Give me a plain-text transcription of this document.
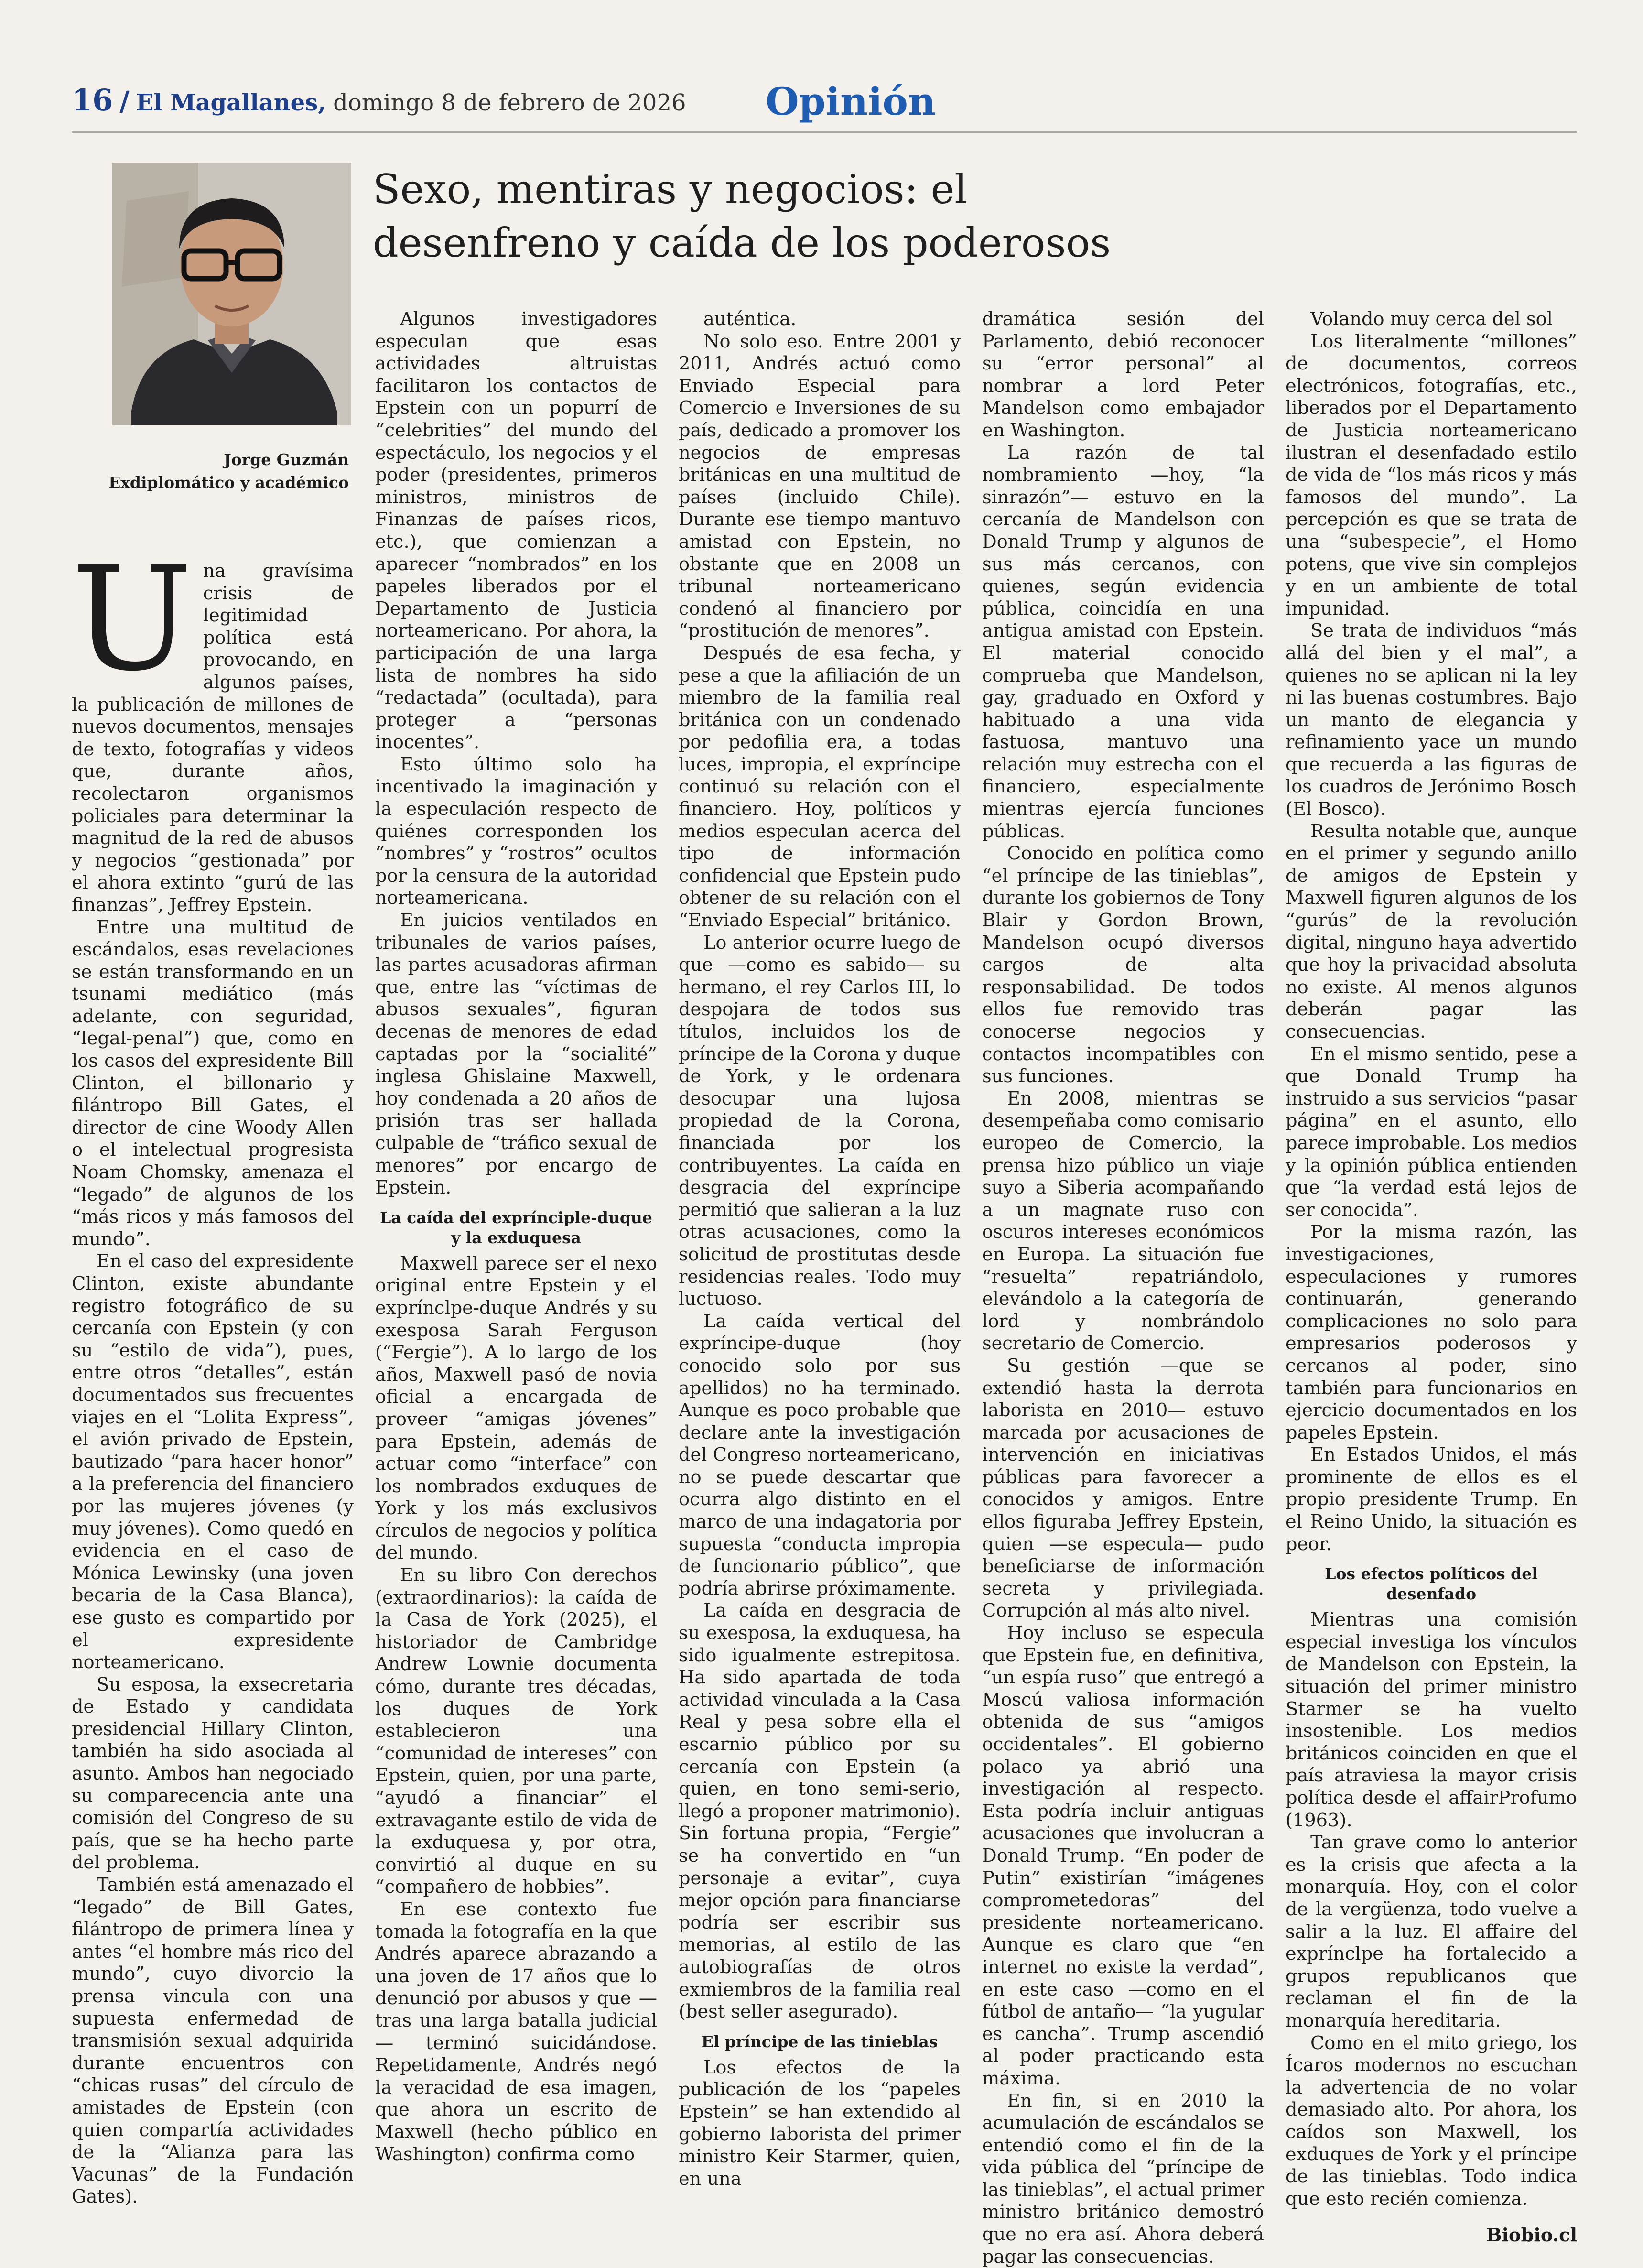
16 / El Magallanes, domingo 8 de febrero de 2026	Opinión
Jorge Guzmán
Exdiplomático y académico
Sexo, mentiras y negocios: el desenfreno y caída de los poderosos
U na gravísima crisis de legitimidad política está provocando, en algunos países, la publicación de millones de nuevos documentos, mensajes de texto, fotografías y videos que, durante años, recolectaron organismos policiales para determinar la magnitud de la red de abusos y negocios “gestionada” por el ahora extinto “gurú de las finanzas”, Jeffrey Epstein.

Entre una multitud de escándalos, esas revelaciones se están transformando en un tsunami mediático (más adelante, con seguridad, “legal-penal”) que, como en los casos del expresidente Bill Clinton, el billonario y filántropo Bill Gates, el director de cine Woody Allen o el intelectual progresista Noam Chomsky, amenaza el “legado” de algunos de los “más ricos y más famosos del mundo”.

En el caso del expresidente Clinton, existe abundante registro fotográfico de su cercanía con Epstein (y con su “estilo de vida”), pues, entre otros “detalles”, están documentados sus frecuentes viajes en el “Lolita Express”, el avión privado de Epstein, bautizado “para hacer honor” a la preferencia del financiero por las mujeres jóvenes (y muy jóvenes). Como quedó en evidencia en el caso de Mónica Lewinsky (una joven becaria de la Casa Blanca), ese gusto es compartido por el expresidente norteamericano.

Su esposa, la exsecretaria de Estado y candidata presidencial Hillary Clinton, también ha sido asociada al asunto. Ambos han negociado su comparecencia ante una comisión del Congreso de su país, que se ha hecho parte del problema.

También está amenazado el “legado” de Bill Gates, filántropo de primera línea y antes “el hombre más rico del mundo”, cuyo divorcio la prensa vincula con una supuesta enfermedad de transmisión sexual adquirida durante encuentros con “chicas rusas” del círculo de amistades de Epstein (con quien compartía actividades de la “Alianza para las Vacunas” de la Fundación Gates).

Algunos investigadores especulan que esas actividades altruistas facilitaron los contactos de Epstein con un popurrí de “celebrities” del mundo del espectáculo, los negocios y el poder (presidentes, primeros ministros, ministros de Finanzas de países ricos, etc.), que comienzan a aparecer “nombrados” en los papeles liberados por el Departamento de Justicia norteamericano. Por ahora, la participación de una larga lista de nombres ha sido “redactada” (ocultada), para proteger a “personas inocentes”.

Esto último solo ha incentivado la imaginación y la especulación respecto de quiénes corresponden los “nombres” y “rostros” ocultos por la censura de la autoridad norteamericana.

En juicios ventilados en tribunales de varios países, las partes acusadoras afirman que, entre las “víctimas de abusos sexuales”, figuran decenas de menores de edad captadas por la “socialité” inglesa Ghislaine Maxwell, hoy condenada a 20 años de prisión tras ser hallada culpable de “tráfico sexual de menores” por encargo de Epstein.

La caída del exprínciple-duque y la exduquesa

Maxwell parece ser el nexo original entre Epstein y el exprínclpe-duque Andrés y su exesposa Sarah Ferguson (“Fergie”). A lo largo de los años, Maxwell pasó de novia oficial a encargada de proveer “amigas jóvenes” para Epstein, además de actuar como “interface” con los nombrados exduques de York y los más exclusivos círculos de negocios y política del mundo.

En su libro Con derechos (extraordinarios): la caída de la Casa de York (2025), el historiador de Cambridge Andrew Lownie documenta cómo, durante tres décadas, los duques de York establecieron una “comunidad de intereses” con Epstein, quien, por una parte, “ayudó a financiar” el extravagante estilo de vida de la exduquesa y, por otra, convirtió al duque en su “compañero de hobbies”.

En ese contexto fue tomada la fotografía en la que Andrés aparece abrazando a una joven de 17 años que lo denunció por abusos y que —tras una larga batalla judicial— terminó suicidándose. Repetidamente, Andrés negó la veracidad de esa imagen, que ahora un escrito de Maxwell (hecho público en Washington) confirma como

auténtica.

No solo eso. Entre 2001 y 2011, Andrés actuó como Enviado Especial para Comercio e Inversiones de su país, dedicado a promover los negocios de empresas británicas en una multitud de países (incluido Chile). Durante ese tiempo mantuvo amistad con Epstein, no obstante que en 2008 un tribunal norteamericano condenó al financiero por “prostitución de menores”.

Después de esa fecha, y pese a que la afiliación de un miembro de la familia real británica con un condenado por pedofilia era, a todas luces, impropia, el expríncipe continuó su relación con el financiero. Hoy, políticos y medios especulan acerca del tipo de información confidencial que Epstein pudo obtener de su relación con el “Enviado Especial” británico.

Lo anterior ocurre luego de que —como es sabido— su hermano, el rey Carlos III, lo despojara de todos sus títulos, incluidos los de príncipe de la Corona y duque de York, y le ordenara desocupar una lujosa propiedad de la Corona, financiada por los contribuyentes. La caída en desgracia del expríncipe permitió que salieran a la luz otras acusaciones, como la solicitud de prostitutas desde residencias reales. Todo muy luctuoso.

La caída vertical del expríncipe-duque (hoy conocido solo por sus apellidos) no ha terminado. Aunque es poco probable que declare ante la investigación del Congreso norteamericano, no se puede descartar que ocurra algo distinto en el marco de una indagatoria por supuesta “conducta impropia de funcionario público”, que podría abrirse próximamente.

La caída en desgracia de su exesposa, la exduquesa, ha sido igualmente estrepitosa. Ha sido apartada de toda actividad vinculada a la Casa Real y pesa sobre ella el escarnio público por su cercanía con Epstein (a quien, en tono semi-serio, llegó a proponer matrimonio). Sin fortuna propia, “Fergie” se ha convertido en “un personaje a evitar”, cuya mejor opción para financiarse podría ser escribir sus memorias, al estilo de las autobiografías de otros exmiembros de la familia real (best seller asegurado).

El príncipe de las tinieblas

Los efectos de la publicación de los “papeles Epstein” se han extendido al gobierno laborista del primer ministro Keir Starmer, quien, en una

dramática sesión del Parlamento, debió reconocer su “error personal” al nombrar a lord Peter Mandelson como embajador en Washington.

La razón de tal nombramiento —hoy, “la sinrazón”— estuvo en la cercanía de Mandelson con Donald Trump y algunos de sus más cercanos, con quienes, según evidencia pública, coincidía en una antigua amistad con Epstein. El material conocido comprueba que Mandelson, gay, graduado en Oxford y habituado a una vida fastuosa, mantuvo una relación muy estrecha con el financiero, especialmente mientras ejercía funciones públicas.

Conocido en política como “el príncipe de las tinieblas”, durante los gobiernos de Tony Blair y Gordon Brown, Mandelson ocupó diversos cargos de alta responsabilidad. De todos ellos fue removido tras conocerse negocios y contactos incompatibles con sus funciones.

En 2008, mientras se desempeñaba como comisario europeo de Comercio, la prensa hizo público un viaje suyo a Siberia acompañando a un magnate ruso con oscuros intereses económicos en Europa. La situación fue “resuelta” repatriándolo, elevándolo a la categoría de lord y nombrándolo secretario de Comercio.

Su gestión —que se extendió hasta la derrota laborista en 2010— estuvo marcada por acusaciones de intervención en iniciativas públicas para favorecer a conocidos y amigos. Entre ellos figuraba Jeffrey Epstein, quien —se especula— pudo beneficiarse de información secreta y privilegiada. Corrupción al más alto nivel.

Hoy incluso se especula que Epstein fue, en definitiva, “un espía ruso” que entregó a Moscú valiosa información obtenida de sus “amigos occidentales”. El gobierno polaco ya abrió una investigación al respecto. Esta podría incluir antiguas acusaciones que involucran a Donald Trump. “En poder de Putin” existirían “imágenes comprometedoras” del presidente norteamericano. Aunque es claro que “en internet no existe la verdad”, en este caso —como en el fútbol de antaño— “la yugular es cancha”. Trump ascendió al poder practicando esta máxima.

En fin, si en 2010 la acumulación de escándalos se entendió como el fin de la vida pública del “príncipe de las tinieblas”, el actual primer ministro británico demostró que no era así. Ahora deberá pagar las consecuencias.

Volando muy cerca del sol

Los literalmente “millones” de documentos, correos electrónicos, fotografías, etc., liberados por el Departamento de Justicia norteamericano ilustran el desenfadado estilo de vida de “los más ricos y más famosos del mundo”. La percepción es que se trata de una “subespecie”, el Homo potens, que vive sin complejos y en un ambiente de total impunidad.

Se trata de individuos “más allá del bien y el mal”, a quienes no se aplican ni la ley ni las buenas costumbres. Bajo un manto de elegancia y refinamiento yace un mundo que recuerda a las figuras de los cuadros de Jerónimo Bosch (El Bosco).

Resulta notable que, aunque en el primer y segundo anillo de amigos de Epstein y Maxwell figuren algunos de los “gurús” de la revolución digital, ninguno haya advertido que hoy la privacidad absoluta no existe. Al menos algunos deberán pagar las consecuencias.

En el mismo sentido, pese a que Donald Trump ha instruido a sus servicios “pasar página” en el asunto, ello parece improbable. Los medios y la opinión pública entienden que “la verdad está lejos de ser conocida”.

Por la misma razón, las investigaciones, especulaciones y rumores continuarán, generando complicaciones no solo para empresarios poderosos y cercanos al poder, sino también para funcionarios en ejercicio documentados en los papeles Epstein.

En Estados Unidos, el más prominente de ellos es el propio presidente Trump. En el Reino Unido, la situación es peor.

Los efectos políticos del desenfado

Mientras una comisión especial investiga los vínculos de Mandelson con Epstein, la situación del primer ministro Starmer se ha vuelto insostenible. Los medios británicos coinciden en que el país atraviesa la mayor crisis política desde el affairProfumo (1963).

Tan grave como lo anterior es la crisis que afecta a la monarquía. Hoy, con el color de la vergüenza, todo vuelve a salir a la luz. El affaire del exprínclpe ha fortalecido a grupos republicanos que reclaman el fin de la monarquía hereditaria.

Como en el mito griego, los Ícaros modernos no escuchan la advertencia de no volar demasiado alto. Por ahora, los caídos son Maxwell, los exduques de York y el príncipe de las tinieblas. Todo indica que esto recién comienza.

Biobio.cl
